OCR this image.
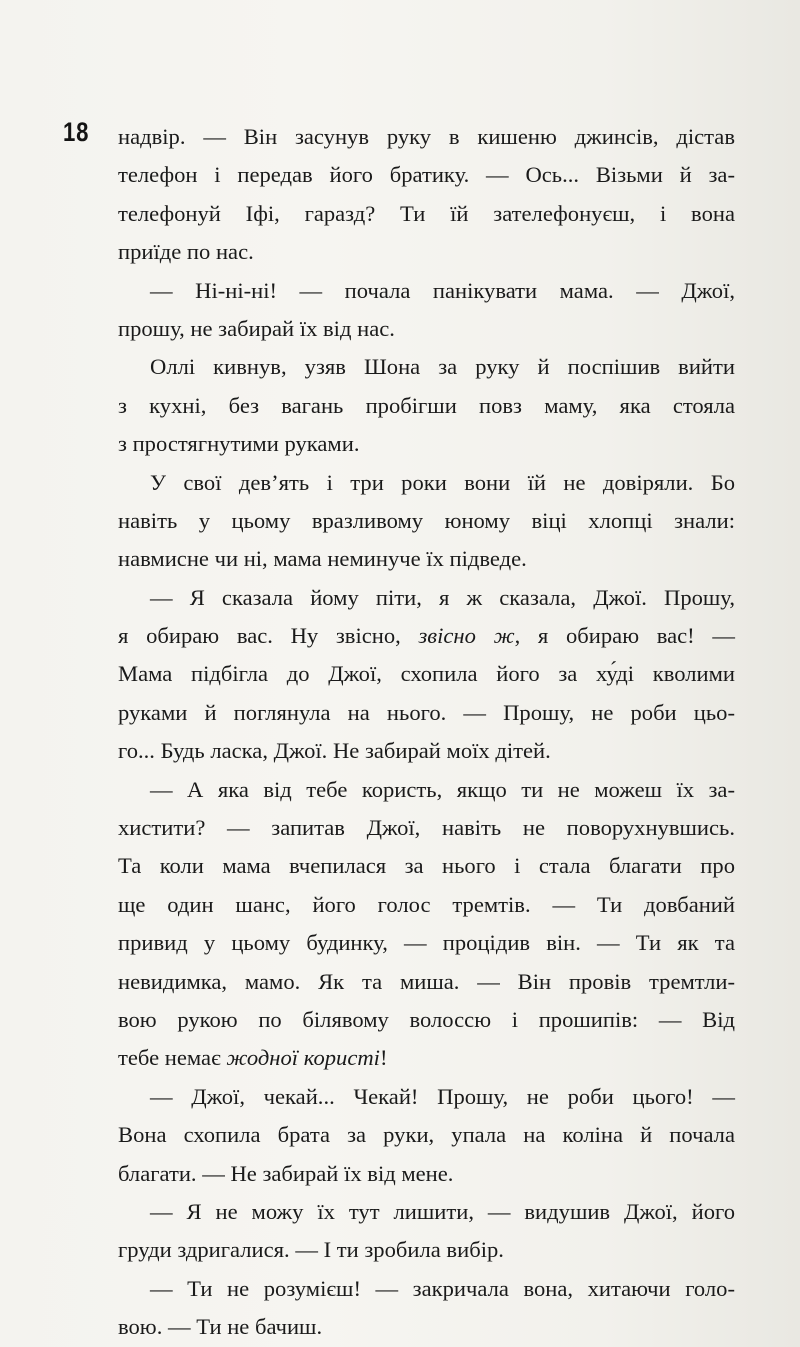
18 надвір. — Він засунув руку в кишеню джинсів, дістав
телефон і передав його братику. — Ось... Візьми й за-
телефонуй Іфі, гаразд? Ти їй зателефонуєш, і вона
приїде по нас.

— Ні-ні-ні! — почала панікувати мама. — Джої,
прошу, не забирай їх від нас.

Оллі кивнув, узяв Шона за руку й поспішив вийти
з кухні, без вагань пробігши повз маму, яка стояла
з простягнутими руками.

У свої дев’ять і три роки вони їй не довіряли. Бо
навіть у цьому вразливому юному віці хлопці знали:
навмисне чи ні, мама неминуче їх підведе.

— Я сказала йому піти, я ж сказала, Джої. Прошу,
я обираю вас. Ну звісно, звісно ж, я обираю вас! —
Мама підбігла до Джої, схопила його за ху́ді кволими
руками й поглянула на нього. — Прошу, не роби цьо-
го... Будь ласка, Джої. Не забирай моїх дітей.

— А яка від тебе користь, якщо ти не можеш їх за-
хистити? — запитав Джої, навіть не поворухнувшись.
Та коли мама вчепилася за нього і стала благати про
ще один шанс, його голос тремтів. — Ти довбаний
привид у цьому будинку, — процідив він. — Ти як та
невидимка, мамо. Як та миша. — Він провів тремтли-
вою рукою по білявому волоссю і прошипів: — Від
тебе немає жодної користі!

— Джої, чекай... Чекай! Прошу, не роби цього! —
Вона схопила брата за руки, упала на коліна й почала
благати. — Не забирай їх від мене.

— Я не можу їх тут лишити, — видушив Джої, його
груди здригалися. — І ти зробила вибір.

— Ти не розумієш! — закричала вона, хитаючи голо-
вою. — Ти не бачиш.
